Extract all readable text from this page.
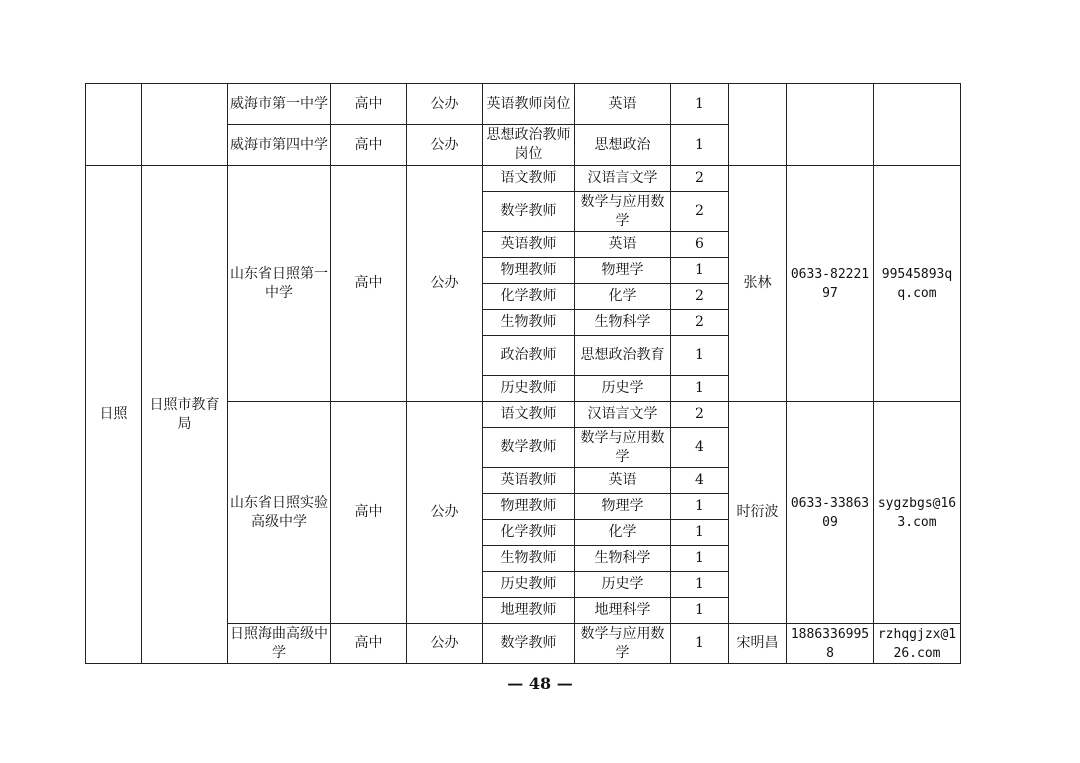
		威海市第一中学	高中	公办	英语教师岗位	英语	1			
		威海市第四中学	高中	公办	思想政治教师岗位	思想政治	1			
日照	日照市教育局	山东省日照第一中学	高中	公办	语文教师	汉语言文学	2	张林	0633-8222197	99545893qq.com
					数学教师	数学与应用数学	2			
					英语教师	英语	6			
					物理教师	物理学	1			
					化学教师	化学	2			
					生物教师	生物科学	2			
					政治教师	思想政治教育	1			
					历史教师	历史学	1			
		山东省日照实验高级中学	高中	公办	语文教师	汉语言文学	2	时衍波	0633-3386309	sygzbgs@163.com
					数学教师	数学与应用数学	4			
					英语教师	英语	4			
					物理教师	物理学	1			
					化学教师	化学	1			
					生物教师	生物科学	1			
					历史教师	历史学	1			
					地理教师	地理科学	1			
		日照海曲高级中学	高中	公办	数学教师	数学与应用数学	1	宋明昌	18863369958	rzhqgjzx@126.com
— 48 —
